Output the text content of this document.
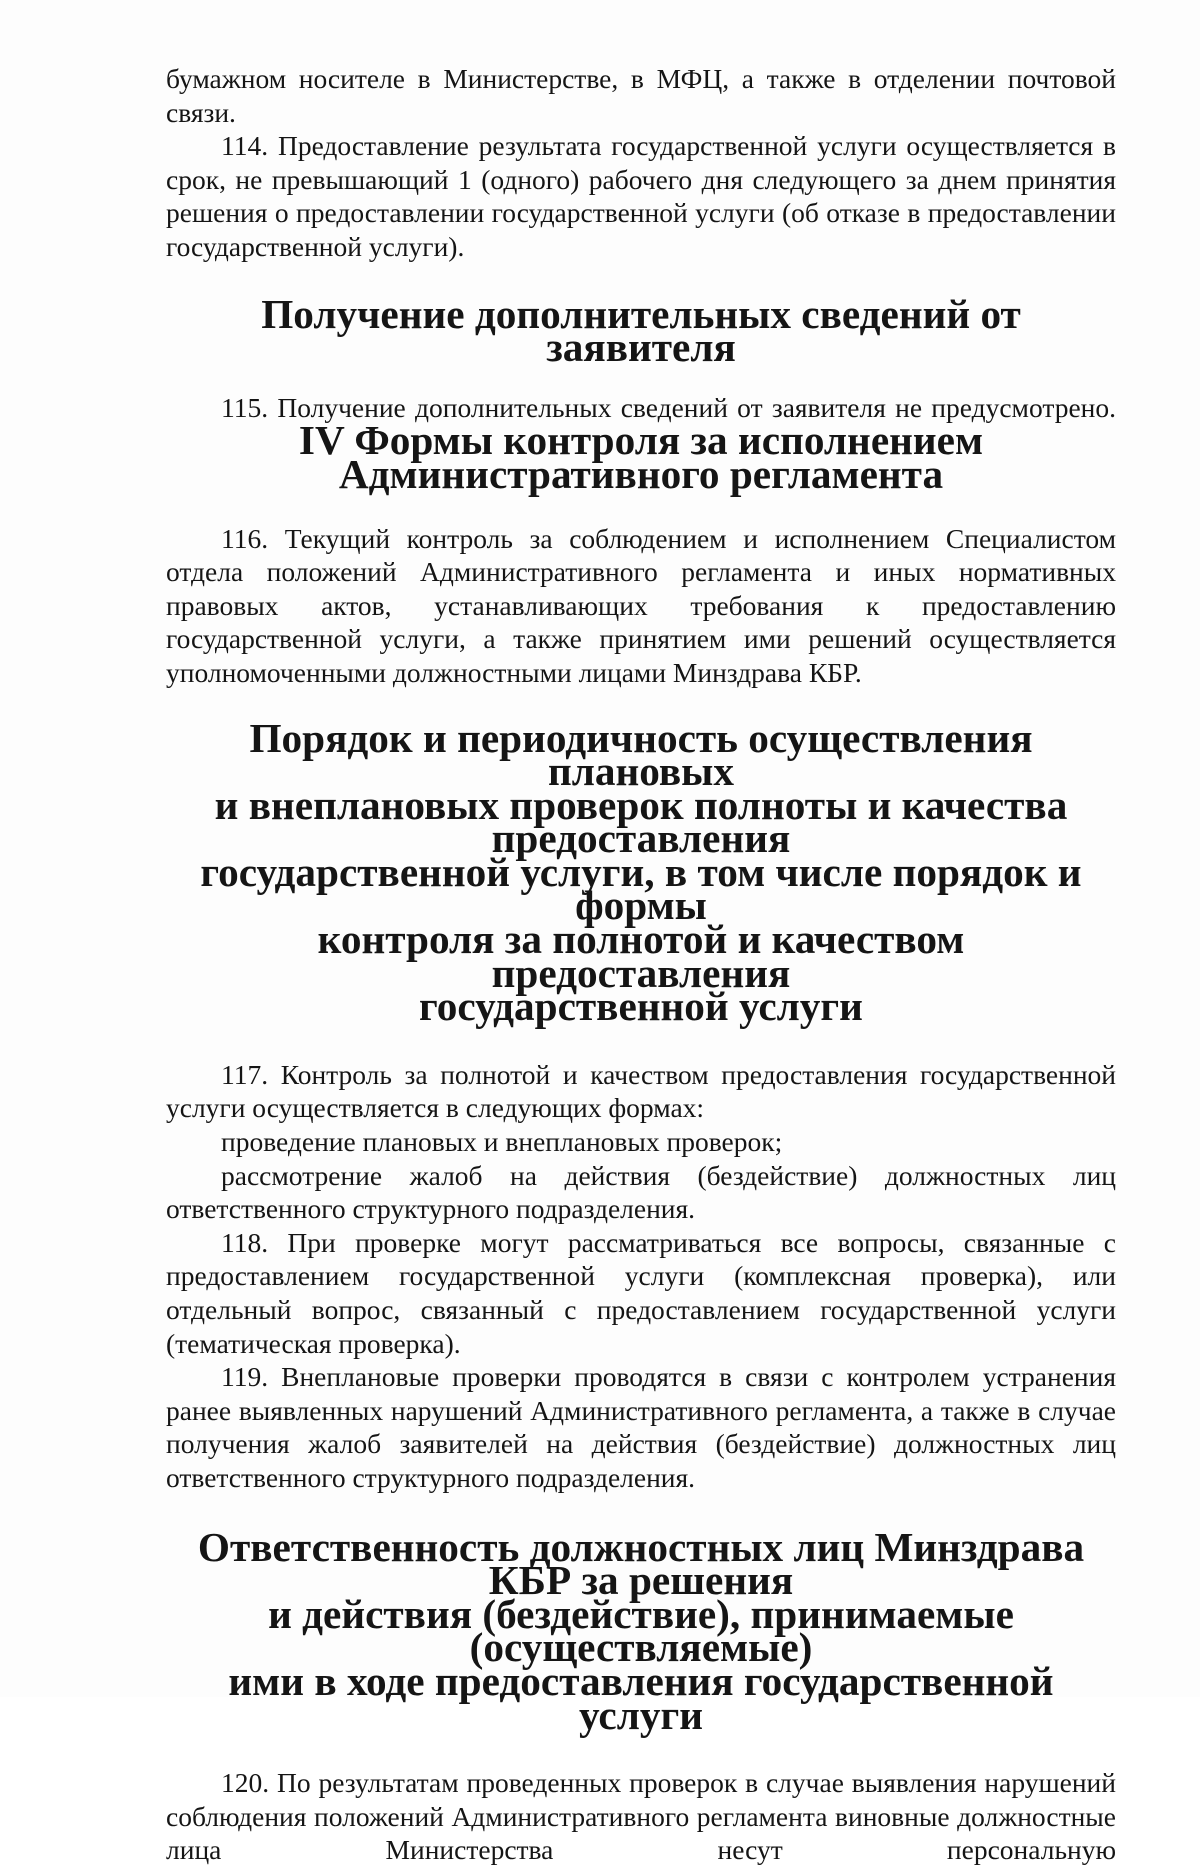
бумажном носителе в Министерстве, в МФЦ, а также в отделении почтовой связи.

114. Предоставление результата государственной услуги осуществляется в срок, не превышающий 1 (одного) рабочего дня следующего за днем принятия решения о предоставлении государственной услуги (об отказе в предоставлении государственной услуги).

Получение дополнительных сведений от заявителя

115. Получение дополнительных сведений от заявителя не предусмотрено.

IV Формы контроля за исполнением
Административного регламента

116. Текущий контроль за соблюдением и исполнением Специалистом отдела положений Административного регламента и иных нормативных правовых актов, устанавливающих требования к предоставлению государственной услуги, а также принятием ими решений осуществляется уполномоченными должностными лицами Минздрава КБР.

Порядок и периодичность осуществления плановых
и внеплановых проверок полноты и качества предоставления
государственной услуги, в том числе порядок и формы
контроля за полнотой и качеством предоставления
государственной услуги

117. Контроль за полнотой и качеством предоставления государственной услуги осуществляется в следующих формах:

проведение плановых и внеплановых проверок;

рассмотрение жалоб на действия (бездействие) должностных лиц ответственного структурного подразделения.

118. При проверке могут рассматриваться все вопросы, связанные с предоставлением государственной услуги (комплексная проверка), или отдельный вопрос, связанный с предоставлением государственной услуги (тематическая проверка).

119. Внеплановые проверки проводятся в связи с контролем устранения ранее выявленных нарушений Административного регламента, а также в случае получения жалоб заявителей на действия (бездействие) должностных лиц ответственного структурного подразделения.

Ответственность должностных лиц Минздрава КБР за решения
и действия (бездействие), принимаемые (осуществляемые)
ими в ходе предоставления государственной услуги

120. По результатам проведенных проверок в случае выявления нарушений соблюдения положений Административного регламента виновные должностные лица Министерства несут персональную
